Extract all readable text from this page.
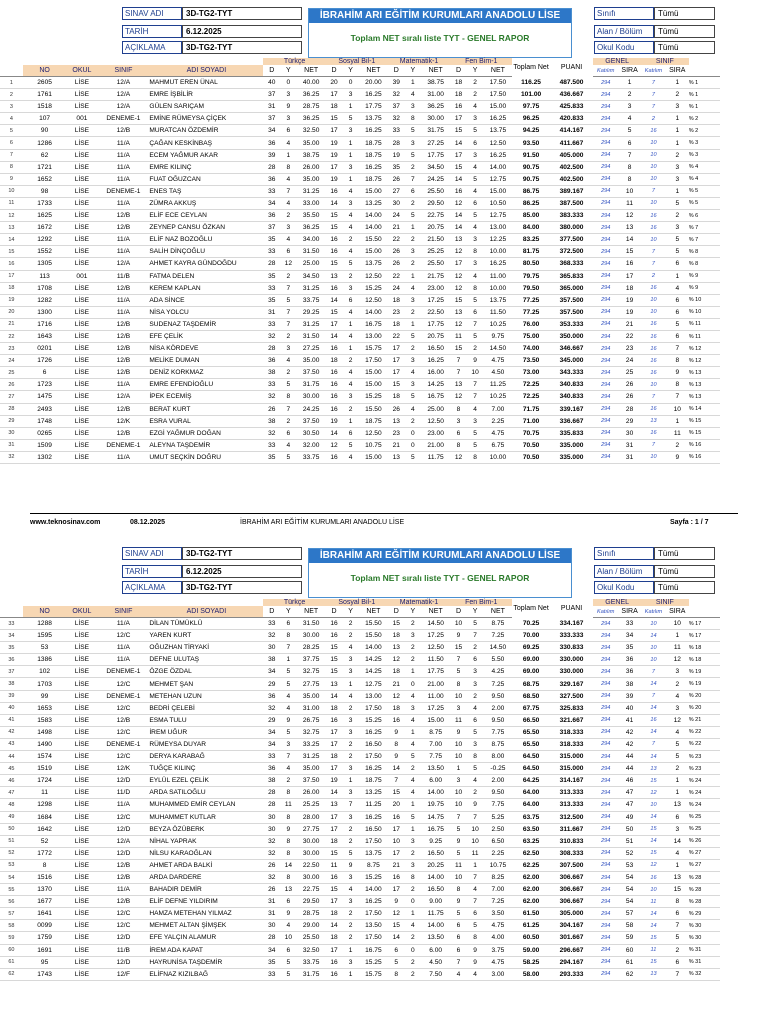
SINAV ADI	3D-TG2-TYT
TARİH	6.12.2025
AÇIKLAMA	3D-TG2-TYT
İBRAHİM ARI EĞİTİM KURUMLARI ANADOLU LİSE
Toplam NET sıralı liste TYT - GENEL RAPOR
Sınıfı	Tümü
Alan / Bölüm	Tümü
Okul Kodu	Tümü
					Türkçe			Sosyal Bil-1			Matematik-1			Fen Bim-1			Toplam Net	PUANI	GENEL		SINIF		
	NO	OKUL	SINIF	ADI SOYADI	D	Y	NET	D	Y	NET	D	Y	NET	D	Y	NET			Katılım	SIRA	Katılım	SIRA	
1	2605	LİSE	12/A	MAHMUT EREN ÜNAL	40	0	40.00	20	0	20.00	39	1	38.75	18	2	17.50	116.25	487.500	294	1	7	1	% 1
2	1761	LİSE	12/A	EMRE İŞBİLİR	37	3	36.25	17	3	16.25	32	4	31.00	18	2	17.50	101.00	436.667	294	2	7	2	% 1
3	1518	LİSE	12/A	GÜLEN SARIÇAM	31	9	28.75	18	1	17.75	37	3	36.25	16	4	15.00	97.75	425.833	294	3	7	3	% 1
4	107	001	DENEME-1	EMİNE RÜMEYSA ÇİÇEK	37	3	36.25	15	5	13.75	32	8	30.00	17	3	16.25	96.25	420.833	294	4	2	1	% 2
5	90	LİSE	12/B	MURATCAN ÖZDEMİR	34	6	32.50	17	3	16.25	33	5	31.75	15	5	13.75	94.25	414.167	294	5	16	1	% 2
6	1286	LİSE	11/A	ÇAĞAN KESKİNBAŞ	36	4	35.00	19	1	18.75	28	3	27.25	14	6	12.50	93.50	411.667	294	6	10	1	% 3
7	62	LİSE	11/A	ECEM YAĞMUR AKAR	39	1	38.75	19	1	18.75	19	5	17.75	17	3	16.25	91.50	405.000	294	7	10	2	% 3
8	1721	LİSE	11/A	EMRE KILINÇ	28	8	26.00	17	3	16.25	35	2	34.50	15	4	14.00	90.75	402.500	294	8	10	3	% 4
9	1652	LİSE	11/A	FUAT OĞUZCAN	36	4	35.00	19	1	18.75	26	7	24.25	14	5	12.75	90.75	402.500	294	8	10	3	% 4
10	98	LİSE	DENEME-1	ENES TAŞ	33	7	31.25	16	4	15.00	27	6	25.50	16	4	15.00	86.75	389.167	294	10	7	1	% 5
11	1733	LİSE	11/A	ZÜMRA AKKUŞ	34	4	33.00	14	3	13.25	30	2	29.50	12	6	10.50	86.25	387.500	294	11	10	5	% 5
12	1625	LİSE	12/B	ELİF ECE CEYLAN	36	2	35.50	15	4	14.00	24	5	22.75	14	5	12.75	85.00	383.333	294	12	16	2	% 6
13	1672	LİSE	12/B	ZEYNEP CANSU ÖZKAN	37	3	36.25	15	4	14.00	21	1	20.75	14	4	13.00	84.00	380.000	294	13	16	3	% 7
14	1292	LİSE	11/A	ELİF NAZ BOZOĞLU	35	4	34.00	16	2	15.50	22	2	21.50	13	3	12.25	83.25	377.500	294	14	10	5	% 7
15	1552	LİSE	11/A	SALİH DİNÇOĞLU	33	6	31.50	16	4	15.00	26	3	25.25	12	8	10.00	81.75	372.500	294	15	7	5	% 8
16	1305	LİSE	12/A	AHMET KAYRA GÜNDOĞDU	28	12	25.00	15	5	13.75	26	2	25.50	17	3	16.25	80.50	368.333	294	16	7	6	% 8
17	113	001	11/B	FATMA DELEN	35	2	34.50	13	2	12.50	22	1	21.75	12	4	11.00	79.75	365.833	294	17	2	1	% 9
18	1708	LİSE	12/B	KEREM KAPLAN	33	7	31.25	16	3	15.25	24	4	23.00	12	8	10.00	79.50	365.000	294	18	16	4	% 9
19	1282	LİSE	11/A	ADA SİNCE	35	5	33.75	14	6	12.50	18	3	17.25	15	5	13.75	77.25	357.500	294	19	10	6	% 10
20	1300	LİSE	11/A	NİSA YOLCU	31	7	29.25	15	4	14.00	23	2	22.50	13	6	11.50	77.25	357.500	294	19	10	6	% 10
21	1716	LİSE	12/B	SUDENAZ TAŞDEMİR	33	7	31.25	17	1	16.75	18	1	17.75	12	7	10.25	76.00	353.333	294	21	16	5	% 11
22	1643	LİSE	12/B	EFE ÇELİK	32	2	31.50	14	4	13.00	22	5	20.75	11	5	9.75	75.00	350.000	294	22	16	6	% 11
23	0201	LİSE	12/B	NİSA KÖRDEVE	28	3	27.25	16	1	15.75	17	2	16.50	15	2	14.50	74.00	346.667	294	23	16	7	% 12
24	1726	LİSE	12/B	MELİKE DUMAN	36	4	35.00	18	2	17.50	17	3	16.25	7	9	4.75	73.50	345.000	294	24	16	8	% 12
25	6	LİSE	12/B	DENİZ KORKMAZ	38	2	37.50	16	4	15.00	17	4	16.00	7	10	4.50	73.00	343.333	294	25	16	9	% 13
26	1723	LİSE	11/A	EMRE EFENDİOĞLU	33	5	31.75	16	4	15.00	15	3	14.25	13	7	11.25	72.25	340.833	294	26	10	8	% 13
27	1475	LİSE	12/A	İPEK ECEMİŞ	32	8	30.00	16	3	15.25	18	5	16.75	12	7	10.25	72.25	340.833	294	26	7	7	% 13
28	2493	LİSE	12/B	BERAT KURT	26	7	24.25	16	2	15.50	26	4	25.00	8	4	7.00	71.75	339.167	294	28	16	10	% 14
29	1748	LİSE	12/K	ESRA VURAL	38	2	37.50	19	1	18.75	13	2	12.50	3	3	2.25	71.00	336.667	294	29	13	1	% 15
30	0265	LİSE	12/B	EZGİ YAĞMUR DOĞAN	32	6	30.50	14	6	12.50	23	0	23.00	6	5	4.75	70.75	335.833	294	30	16	11	% 15
31	1509	LİSE	DENEME-1	ALEYNA TAŞDEMİR	33	4	32.00	12	5	10.75	21	0	21.00	8	5	6.75	70.50	335.000	294	31	7	2	% 16
32	1302	LİSE	11/A	UMUT SEÇKİN DOĞRU	35	5	33.75	16	4	15.00	13	5	11.75	12	8	10.00	70.50	335.000	294	31	10	9	% 16
www.teknosinav.com	08.12.2025	İBRAHİM ARI EĞİTİM KURUMLARI ANADOLU LİSE	Sayfa : 1 / 7
SINAV ADI	3D-TG2-TYT
TARİH	6.12.2025
AÇIKLAMA	3D-TG2-TYT
İBRAHİM ARI EĞİTİM KURUMLARI ANADOLU LİSE
Toplam NET sıralı liste TYT - GENEL RAPOR
Sınıfı	Tümü
Alan / Bölüm	Tümü
Okul Kodu	Tümü
					Türkçe			Sosyal Bil-1			Matematik-1			Fen Bim-1			Toplam Net	PUANI	GENEL		SINIF		
	NO	OKUL	SINIF	ADI SOYADI	D	Y	NET	D	Y	NET	D	Y	NET	D	Y	NET			Katılım	SIRA	Katılım	SIRA	
33	1288	LİSE	11/A	DİLAN TÜMÜKLÜ	33	6	31.50	16	2	15.50	15	2	14.50	10	5	8.75	70.25	334.167	294	33	10	10	% 17
34	1595	LİSE	12/C	YAREN KURT	32	8	30.00	16	2	15.50	18	3	17.25	9	7	7.25	70.00	333.333	294	34	14	1	% 17
35	53	LİSE	11/A	OĞUZHAN TİRYAKİ	30	7	28.25	15	4	14.00	13	2	12.50	15	2	14.50	69.25	330.833	294	35	10	11	% 18
36	1386	LİSE	11/A	DEFNE ULUTAŞ	38	1	37.75	15	3	14.25	12	2	11.50	7	6	5.50	69.00	330.000	294	36	10	12	% 18
37	102	LİSE	DENEME-1	ÖZGE ÖZDAL	34	5	32.75	15	3	14.25	18	1	17.75	5	3	4.25	69.00	330.000	294	36	7	3	% 19
38	1703	LİSE	12/C	MEHMET ŞAN	29	5	27.75	13	1	12.75	21	0	21.00	8	3	7.25	68.75	329.167	294	38	14	2	% 19
39	99	LİSE	DENEME-1	METEHAN UZUN	36	4	35.00	14	4	13.00	12	4	11.00	10	2	9.50	68.50	327.500	294	39	7	4	% 20
40	1653	LİSE	12/C	BEDRİ ÇELEBİ	32	4	31.00	18	2	17.50	18	3	17.25	3	4	2.00	67.75	325.833	294	40	14	3	% 20
41	1583	LİSE	12/B	ESMA TULU	29	9	26.75	16	3	15.25	16	4	15.00	11	6	9.50	66.50	321.667	294	41	16	12	% 21
42	1498	LİSE	12/C	İREM UĞUR	34	5	32.75	17	3	16.25	9	1	8.75	9	5	7.75	65.50	318.333	294	42	14	4	% 22
43	1490	LİSE	DENEME-1	RÜMEYSA DUYAR	34	3	33.25	17	2	16.50	8	4	7.00	10	3	8.75	65.50	318.333	294	42	7	5	% 22
44	1574	LİSE	12/C	DERYA KARABAĞ	33	7	31.25	18	2	17.50	9	5	7.75	10	8	8.00	64.50	315.000	294	44	14	5	% 23
45	1519	LİSE	12/K	TUĞÇE KILINÇ	36	4	35.00	17	3	16.25	14	2	13.50	1	5	-0.25	64.50	315.000	294	44	13	2	% 23
46	1724	LİSE	12/D	EYLÜL EZEL ÇELİK	38	2	37.50	19	1	18.75	7	4	6.00	3	4	2.00	64.25	314.167	294	46	15	1	% 24
47	11	LİSE	11/D	ARDA SATILOĞLU	28	8	26.00	14	3	13.25	15	4	14.00	10	2	9.50	64.00	313.333	294	47	12	1	% 24
48	1298	LİSE	11/A	MUHAMMED EMİR CEYLAN	28	11	25.25	13	7	11.25	20	1	19.75	10	9	7.75	64.00	313.333	294	47	10	13	% 24
49	1684	LİSE	12/C	MUHAMMET KUTLAR	30	8	28.00	17	3	16.25	16	5	14.75	7	7	5.25	63.75	312.500	294	49	14	6	% 25
50	1642	LİSE	12/D	BEYZA ÖZÜBERK	30	9	27.75	17	2	16.50	17	1	16.75	5	10	2.50	63.50	311.667	294	50	15	3	% 25
51	52	LİSE	12/A	NİHAL YAPRAK	32	8	30.00	18	2	17.50	10	3	9.25	9	10	6.50	63.25	310.833	294	51	14	14	% 26
52	1772	LİSE	12/D	NİLSU KARAOĞLAN	32	8	30.00	15	5	13.75	17	2	16.50	5	11	2.25	62.50	308.333	294	52	15	4	% 27
53	8	LİSE	12/B	AHMET ARDA BALKİ	26	14	22.50	11	9	8.75	21	3	20.25	11	1	10.75	62.25	307.500	294	53	12	1	% 27
54	1516	LİSE	12/B	ARDA DARDERE	32	8	30.00	16	3	15.25	16	8	14.00	10	7	8.25	62.00	306.667	294	54	16	13	% 28
55	1370	LİSE	11/A	BAHADIR DEMİR	26	13	22.75	15	4	14.00	17	2	16.50	8	4	7.00	62.00	306.667	294	54	10	15	% 28
56	1677	LİSE	12/B	ELİF DEFNE YILDIRIM	31	6	29.50	17	3	16.25	9	0	9.00	9	7	7.25	62.00	306.667	294	54	11	8	% 28
57	1641	LİSE	12/C	HAMZA METEHAN YILMAZ	31	9	28.75	18	2	17.50	12	1	11.75	5	6	3.50	61.50	305.000	294	57	14	6	% 29
58	0099	LİSE	12/C	MEHMET ALTAN ŞİMŞEK	30	4	29.00	14	2	13.50	15	4	14.00	6	5	4.75	61.25	304.167	294	58	14	7	% 30
59	1759	LİSE	12/D	EFE YALÇIN ALAMUR	28	10	25.50	18	2	17.50	14	2	13.50	6	8	4.00	60.50	301.667	294	59	15	5	% 30
60	1691	LİSE	11/B	İREM ADA KAPAT	34	6	32.50	17	1	16.75	6	0	6.00	6	9	3.75	59.00	296.667	294	60	11	2	% 31
61	95	LİSE	12/D	HAYRUNİSA TAŞDEMİR	35	5	33.75	16	3	15.25	5	2	4.50	7	9	4.75	58.25	294.167	294	61	15	6	% 31
62	1743	LİSE	12/F	ELİFNAZ KIZILBAĞ	33	5	31.75	16	1	15.75	8	2	7.50	4	4	3.00	58.00	293.333	294	62	13	7	% 32
